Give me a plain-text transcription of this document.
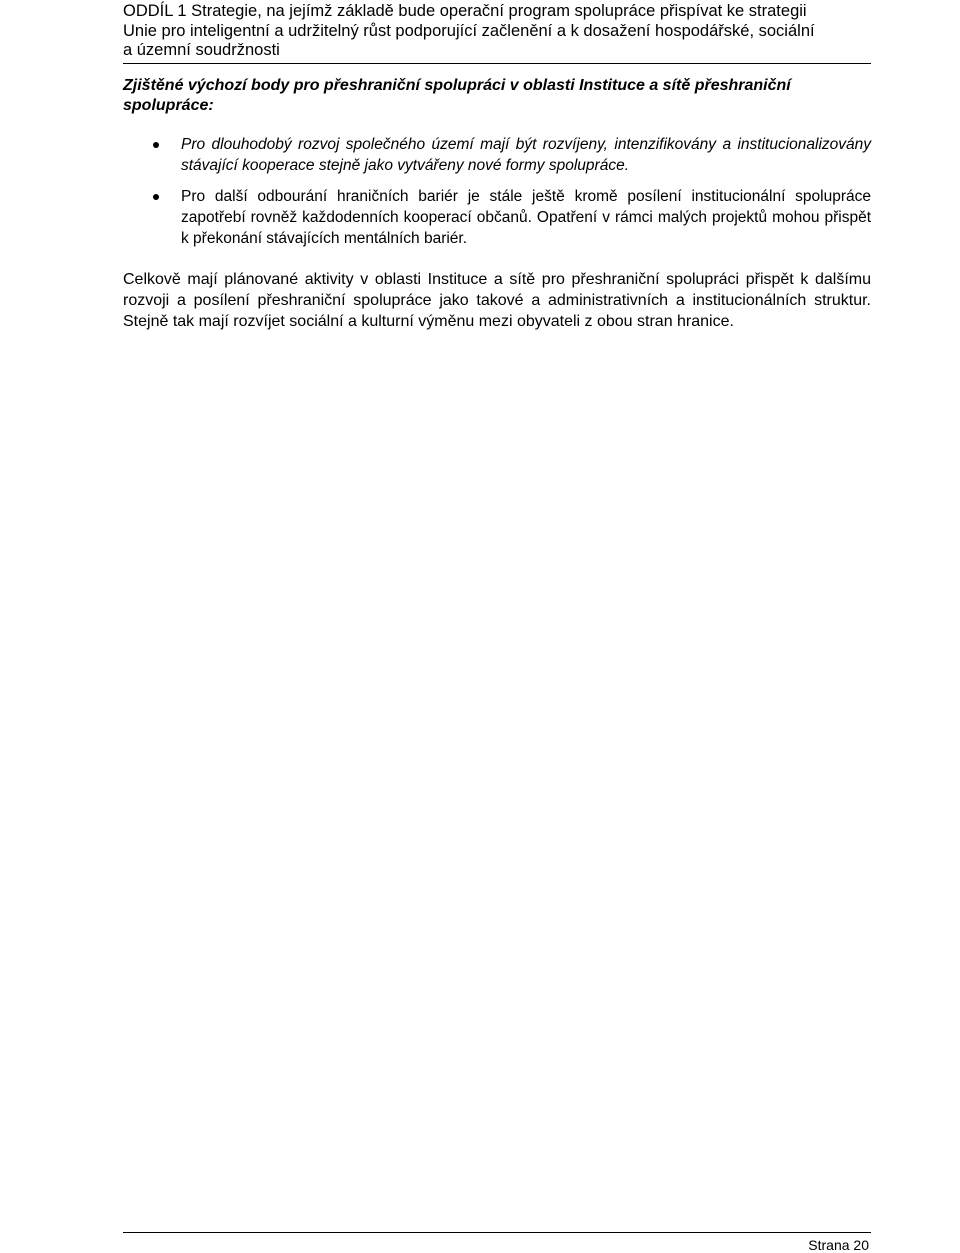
ODDÍL 1 Strategie, na jejímž základě bude operační program spolupráce přispívat ke strategii
Unie pro inteligentní a udržitelný růst podporující začlenění a k dosažení hospodářské, sociální
a územní soudržnosti

Zjištěné výchozí body pro přeshraniční spolupráci v oblasti Instituce a sítě přeshraniční spolupráce:

Pro dlouhodobý rozvoj společného území mají být rozvíjeny, intenzifikovány a institucionalizovány stávající kooperace stejně jako vytvářeny nové formy spolupráce.
Pro další odbourání hraničních bariér je stále ještě kromě posílení institucionální spolupráce zapotřebí rovněž každodenních kooperací občanů. Opatření v rámci malých projektů mohou přispět k překonání stávajících mentálních bariér.

Celkově mají plánované aktivity v oblasti Instituce a sítě pro přeshraniční spolupráci přispět k dalšímu rozvoji a posílení přeshraniční spolupráce jako takové a administrativních a institucionálních struktur. Stejně tak mají rozvíjet sociální a kulturní výměnu mezi obyvateli z obou stran hranice.

Strana 20
